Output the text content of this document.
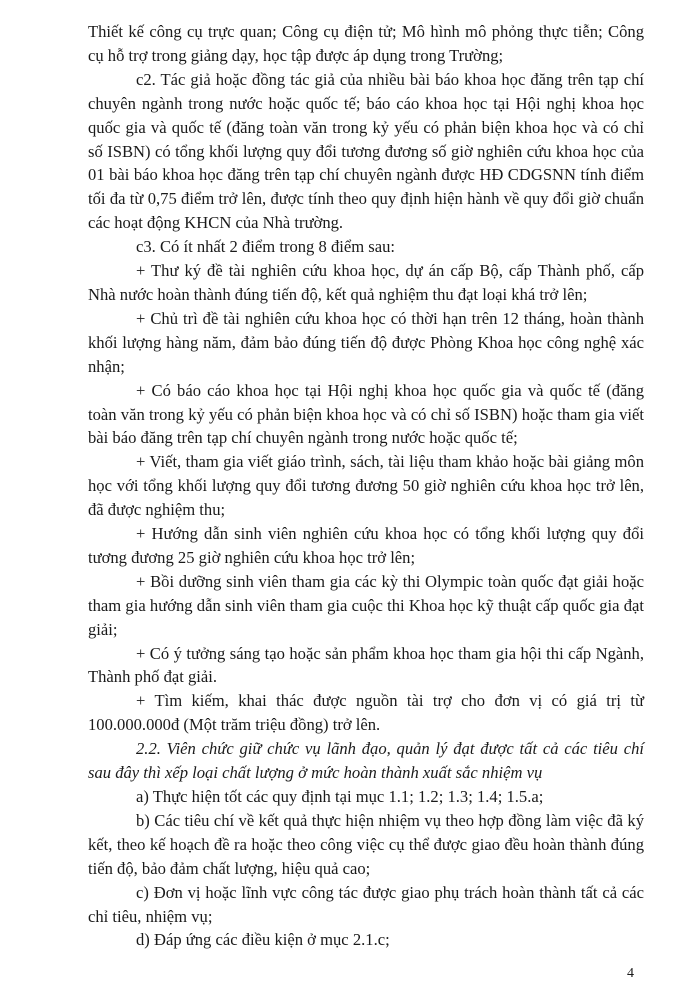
Thiết kế công cụ trực quan; Công cụ điện tử; Mô hình mô phỏng thực tiễn; Công cụ hỗ trợ trong giảng dạy, học tập được áp dụng trong Trường;

c2. Tác giả hoặc đồng tác giả của nhiều bài báo khoa học đăng trên tạp chí chuyên ngành trong nước hoặc quốc tế; báo cáo khoa học tại Hội nghị khoa học quốc gia và quốc tế (đăng toàn văn trong kỷ yếu có phản biện khoa học và có chỉ số ISBN) có tổng khối lượng quy đổi tương đương số giờ nghiên cứu khoa học của 01 bài báo khoa học đăng trên tạp chí chuyên ngành được HĐ CDGSNN tính điểm tối đa từ 0,75 điểm trở lên, được tính theo quy định hiện hành về quy đổi giờ chuẩn các hoạt động KHCN của Nhà trường.

c3. Có ít nhất 2 điểm trong 8 điểm sau:

+ Thư ký đề tài nghiên cứu khoa học, dự án cấp Bộ, cấp Thành phố, cấp Nhà nước hoàn thành đúng tiến độ, kết quả nghiệm thu đạt loại khá trở lên;

+ Chủ trì đề tài nghiên cứu khoa học có thời hạn trên 12 tháng, hoàn thành khối lượng hàng năm, đảm bảo đúng tiến độ được Phòng Khoa học công nghệ xác nhận;

+ Có báo cáo khoa học tại Hội nghị khoa học quốc gia và quốc tế (đăng toàn văn trong kỷ yếu có phản biện khoa học và có chỉ số ISBN) hoặc tham gia viết bài báo đăng trên tạp chí chuyên ngành trong nước hoặc quốc tế;

+ Viết, tham gia viết giáo trình, sách, tài liệu tham khảo hoặc bài giảng môn học với tổng khối lượng quy đổi tương đương 50 giờ nghiên cứu khoa học trở lên, đã được nghiệm thu;

+ Hướng dẫn sinh viên nghiên cứu khoa học có tổng khối lượng quy đổi tương đương 25 giờ nghiên cứu khoa học trở lên;

+ Bồi dưỡng sinh viên tham gia các kỳ thi Olympic toàn quốc đạt giải hoặc tham gia hướng dẫn sinh viên tham gia cuộc thi Khoa học kỹ thuật cấp quốc gia đạt giải;

+ Có ý tưởng sáng tạo hoặc sản phẩm khoa học tham gia hội thi cấp Ngành, Thành phố đạt giải.

+ Tìm kiếm, khai thác được nguồn tài trợ cho đơn vị có giá trị từ 100.000.000đ (Một trăm triệu đồng) trở lên.

2.2. Viên chức giữ chức vụ lãnh đạo, quản lý đạt được tất cả các tiêu chí sau đây thì xếp loại chất lượng ở mức hoàn thành xuất sắc nhiệm vụ

a) Thực hiện tốt các quy định tại mục 1.1; 1.2; 1.3; 1.4; 1.5.a;

b) Các tiêu chí về kết quả thực hiện nhiệm vụ theo hợp đồng làm việc đã ký kết, theo kế hoạch đề ra hoặc theo công việc cụ thể được giao đều hoàn thành đúng tiến độ, bảo đảm chất lượng, hiệu quả cao;

c) Đơn vị hoặc lĩnh vực công tác được giao phụ trách hoàn thành tất cả các chỉ tiêu, nhiệm vụ;

d) Đáp ứng các điều kiện ở mục 2.1.c;

4
